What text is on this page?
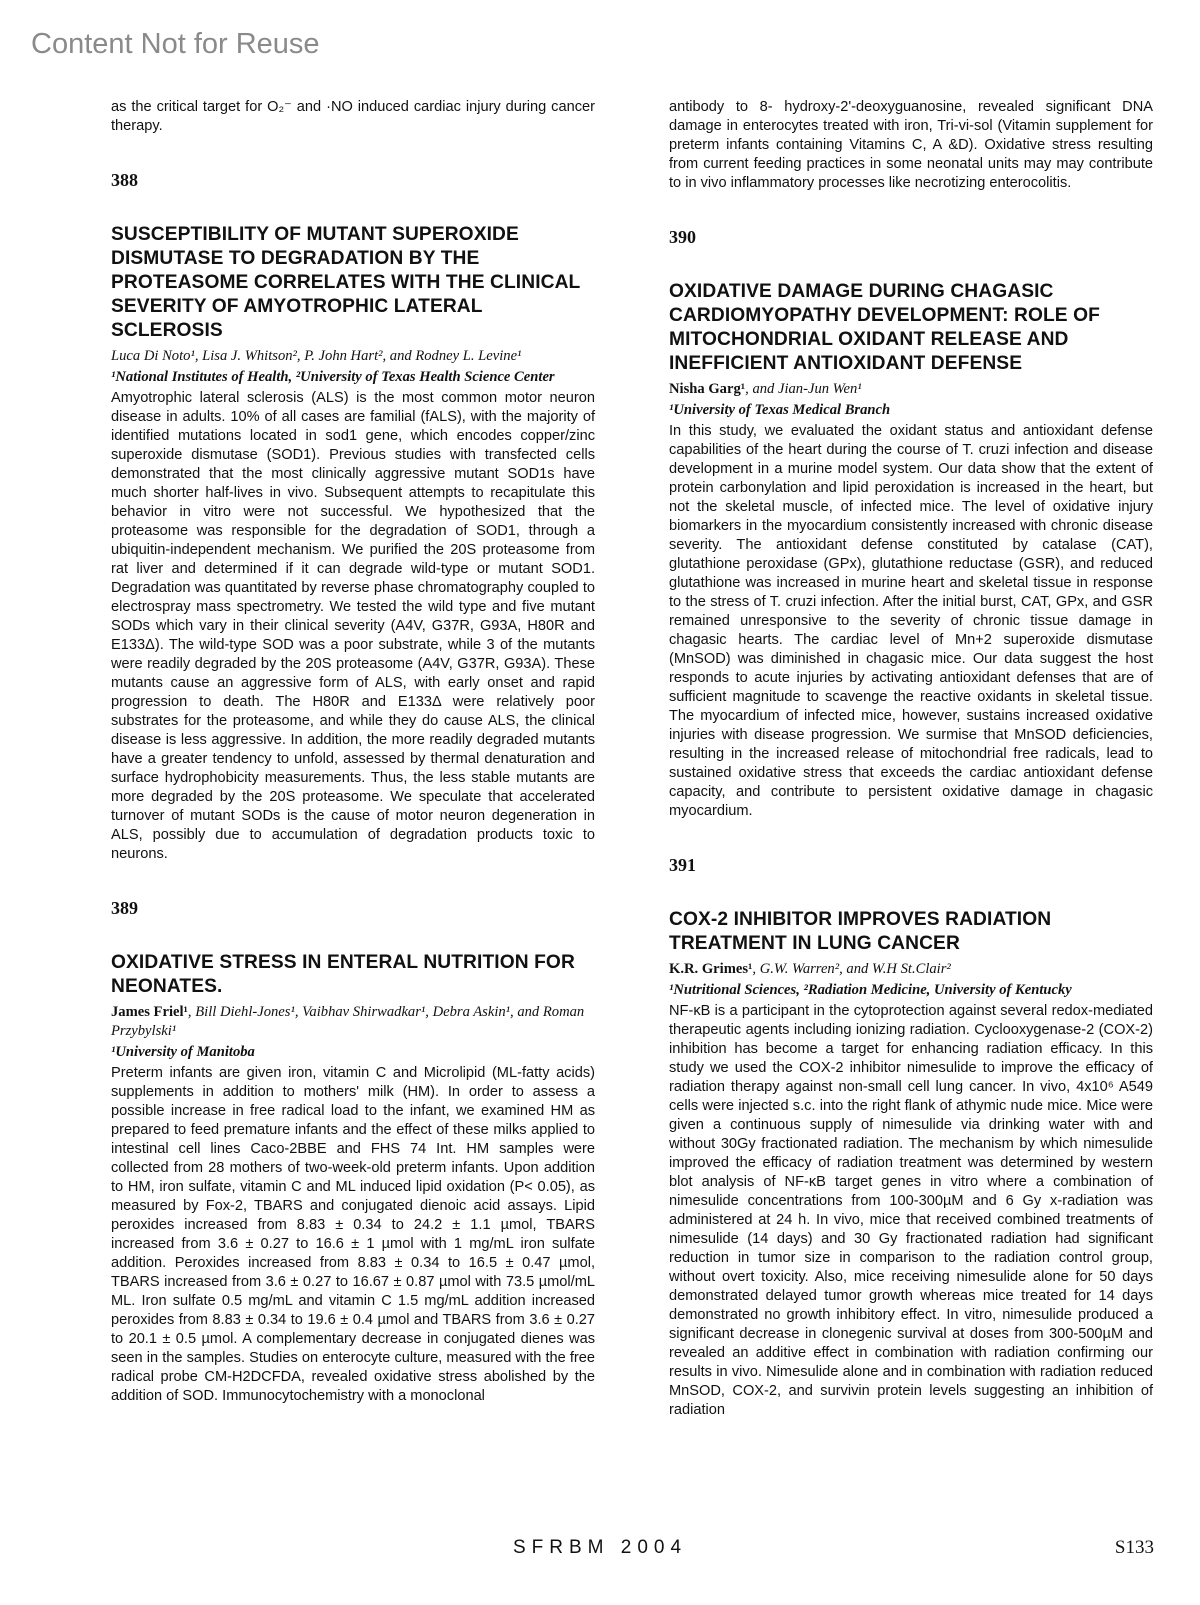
Content Not for Reuse

as the critical target for O₂⁻ and ·NO induced cardiac injury during cancer therapy.

388
SUSCEPTIBILITY OF MUTANT SUPEROXIDE DISMUTASE TO DEGRADATION BY THE PROTEASOME CORRELATES WITH THE CLINICAL SEVERITY OF AMYOTROPHIC LATERAL SCLEROSIS

Luca Di Noto¹, Lisa J. Whitson², P. John Hart², and Rodney L. Levine¹

¹National Institutes of Health, ²University of Texas Health Science Center

Amyotrophic lateral sclerosis (ALS) is the most common motor neuron disease in adults. 10% of all cases are familial (fALS), with the majority of identified mutations located in sod1 gene, which encodes copper/zinc superoxide dismutase (SOD1). Previous studies with transfected cells demonstrated that the most clinically aggressive mutant SOD1s have much shorter half-lives in vivo. Subsequent attempts to recapitulate this behavior in vitro were not successful. We hypothesized that the proteasome was responsible for the degradation of SOD1, through a ubiquitin-independent mechanism. We purified the 20S proteasome from rat liver and determined if it can degrade wild-type or mutant SOD1. Degradation was quantitated by reverse phase chromatography coupled to electrospray mass spectrometry. We tested the wild type and five mutant SODs which vary in their clinical severity (A4V, G37R, G93A, H80R and E133Δ). The wild-type SOD was a poor substrate, while 3 of the mutants were readily degraded by the 20S proteasome (A4V, G37R, G93A). These mutants cause an aggressive form of ALS, with early onset and rapid progression to death. The H80R and E133Δ were relatively poor substrates for the proteasome, and while they do cause ALS, the clinical disease is less aggressive. In addition, the more readily degraded mutants have a greater tendency to unfold, assessed by thermal denaturation and surface hydrophobicity measurements. Thus, the less stable mutants are more degraded by the 20S proteasome. We speculate that accelerated turnover of mutant SODs is the cause of motor neuron degeneration in ALS, possibly due to accumulation of degradation products toxic to neurons.

389
OXIDATIVE STRESS IN ENTERAL NUTRITION FOR NEONATES.

James Friel¹, Bill Diehl-Jones¹, Vaibhav Shirwadkar¹, Debra Askin¹, and Roman Przybylski¹

¹University of Manitoba

Preterm infants are given iron, vitamin C and Microlipid (ML-fatty acids) supplements in addition to mothers' milk (HM). In order to assess a possible increase in free radical load to the infant, we examined HM as prepared to feed premature infants and the effect of these milks applied to intestinal cell lines Caco-2BBE and FHS 74 Int. HM samples were collected from 28 mothers of two-week-old preterm infants. Upon addition to HM, iron sulfate, vitamin C and ML induced lipid oxidation (P< 0.05), as measured by Fox-2, TBARS and conjugated dienoic acid assays. Lipid peroxides increased from 8.83 ± 0.34 to 24.2 ± 1.1 µmol, TBARS increased from 3.6 ± 0.27 to 16.6 ± 1 µmol with 1 mg/mL iron sulfate addition. Peroxides increased from 8.83 ± 0.34 to 16.5 ± 0.47 µmol, TBARS increased from 3.6 ± 0.27 to 16.67 ± 0.87 µmol with 73.5 µmol/mL ML. Iron sulfate 0.5 mg/mL and vitamin C 1.5 mg/mL addition increased peroxides from 8.83 ± 0.34 to 19.6 ± 0.4 µmol and TBARS from 3.6 ± 0.27 to 20.1 ± 0.5 µmol. A complementary decrease in conjugated dienes was seen in the samples. Studies on enterocyte culture, measured with the free radical probe CM-H2DCFDA, revealed oxidative stress abolished by the addition of SOD. Immunocytochemistry with a monoclonal

antibody to 8- hydroxy-2'-deoxyguanosine, revealed significant DNA damage in enterocytes treated with iron, Tri-vi-sol (Vitamin supplement for preterm infants containing Vitamins C, A &D). Oxidative stress resulting from current feeding practices in some neonatal units may may contribute to in vivo inflammatory processes like necrotizing enterocolitis.

390
OXIDATIVE DAMAGE DURING CHAGASIC CARDIOMYOPATHY DEVELOPMENT: ROLE OF MITOCHONDRIAL OXIDANT RELEASE AND INEFFICIENT ANTIOXIDANT DEFENSE

Nisha Garg¹, and Jian-Jun Wen¹

¹University of Texas Medical Branch

In this study, we evaluated the oxidant status and antioxidant defense capabilities of the heart during the course of T. cruzi infection and disease development in a murine model system. Our data show that the extent of protein carbonylation and lipid peroxidation is increased in the heart, but not the skeletal muscle, of infected mice. The level of oxidative injury biomarkers in the myocardium consistently increased with chronic disease severity. The antioxidant defense constituted by catalase (CAT), glutathione peroxidase (GPx), glutathione reductase (GSR), and reduced glutathione was increased in murine heart and skeletal tissue in response to the stress of T. cruzi infection. After the initial burst, CAT, GPx, and GSR remained unresponsive to the severity of chronic tissue damage in chagasic hearts. The cardiac level of Mn+2 superoxide dismutase (MnSOD) was diminished in chagasic mice. Our data suggest the host responds to acute injuries by activating antioxidant defenses that are of sufficient magnitude to scavenge the reactive oxidants in skeletal tissue. The myocardium of infected mice, however, sustains increased oxidative injuries with disease progression. We surmise that MnSOD deficiencies, resulting in the increased release of mitochondrial free radicals, lead to sustained oxidative stress that exceeds the cardiac antioxidant defense capacity, and contribute to persistent oxidative damage in chagasic myocardium.

391
COX-2 INHIBITOR IMPROVES RADIATION TREATMENT IN LUNG CANCER

K.R. Grimes¹, G.W. Warren², and W.H St.Clair²

¹Nutritional Sciences, ²Radiation Medicine, University of Kentucky

NF-κB is a participant in the cytoprotection against several redox-mediated therapeutic agents including ionizing radiation. Cyclooxygenase-2 (COX-2) inhibition has become a target for enhancing radiation efficacy. In this study we used the COX-2 inhibitor nimesulide to improve the efficacy of radiation therapy against non-small cell lung cancer. In vivo, 4x10⁶ A549 cells were injected s.c. into the right flank of athymic nude mice. Mice were given a continuous supply of nimesulide via drinking water with and without 30Gy fractionated radiation. The mechanism by which nimesulide improved the efficacy of radiation treatment was determined by western blot analysis of NF-κB target genes in vitro where a combination of nimesulide concentrations from 100-300µM and 6 Gy x-radiation was administered at 24 h. In vivo, mice that received combined treatments of nimesulide (14 days) and 30 Gy fractionated radiation had significant reduction in tumor size in comparison to the radiation control group, without overt toxicity. Also, mice receiving nimesulide alone for 50 days demonstrated delayed tumor growth whereas mice treated for 14 days demonstrated no growth inhibitory effect. In vitro, nimesulide produced a significant decrease in clonegenic survival at doses from 300-500µM and revealed an additive effect in combination with radiation confirming our results in vivo. Nimesulide alone and in combination with radiation reduced MnSOD, COX-2, and survivin protein levels suggesting an inhibition of radiation

SFRBM 2004	S133
